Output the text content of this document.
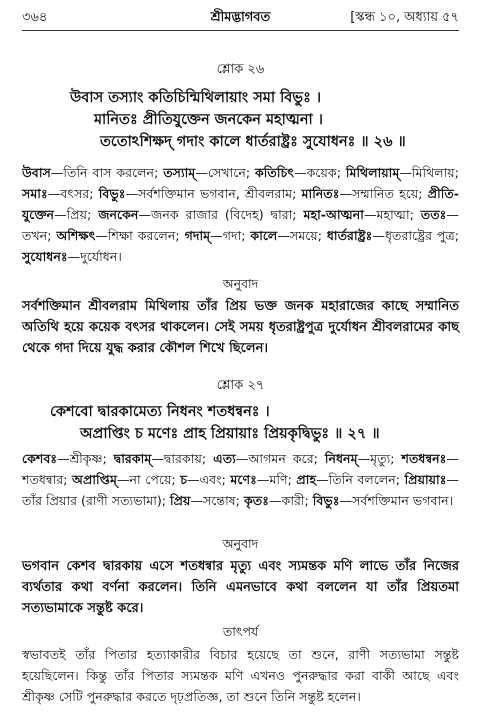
৩৬৪	শ্রীমদ্ভাগবত	[স্কন্ধ ১০, অধ্যায় ৫৭
শ্লোক ২৬
উবাস তস্যাং কতিচিন্মিথিলায়াং সমা বিভুঃ ।
মানিতঃ প্রীতিযুক্তেন জনকেন মহাত্মনা ।
ততোঽশিক্ষদ্ গদাং কালে ধার্তরাষ্ট্রঃ সুযোধনঃ ॥ ২৬ ॥
উবাস—তিনি বাস করলেন; তস্যাম্—সেখানে; কতিচিৎ—কয়েক; মিথিলায়াম্—মিথিলায়; সমাঃ—বৎসর; বিভুঃ—সর্বশক্তিমান ভগবান, শ্রীবলরাম; মানিতঃ—সম্মানিত হয়ে; প্রীতি-যুক্তেন—প্রিয়; জনকেন—জনক রাজার (বিদেহ) দ্বারা; মহা-আত্মনা—মহাত্মা; ততঃ—তখন; অশিক্ষৎ—শিক্ষা করলেন; গদাম্—গদা; কালে—সময়ে; ধার্তরাষ্ট্রঃ—ধৃতরাষ্ট্রের পুত্র; সুযোধনঃ—দুর্যোধন।
অনুবাদ
সর্বশক্তিমান শ্রীবলরাম মিথিলায় তাঁর প্রিয় ভক্ত জনক মহারাজের কাছে সম্মানিত অতিথি হয়ে কয়েক বৎসর থাকলেন। সেই সময় ধৃতরাষ্ট্রপুত্র দুর্যোধন শ্রীবলরামের কাছ থেকে গদা দিয়ে যুদ্ধ করার কৌশল শিখে ছিলেন।
শ্লোক ২৭
কেশবো দ্বারকামেত্য নিধনং শতধন্বনঃ ।
অপ্রাপ্তিং চ মণেঃ প্রাহ প্রিয়ায়াঃ প্রিয়কৃদ্বিভুঃ ॥ ২৭ ॥
কেশবঃ—শ্রীকৃষ্ণ; দ্বারকাম্—দ্বারকায়; এত্য—আগমন করে; নিধনম্—মৃত্যু; শতধন্বনঃ—শতধন্বার; অপ্রাপ্তিম্—না পেয়ে; চ—এবং; মণেঃ—মণি; প্রাহ—তিনি বললেন; প্রিয়ায়াঃ—তাঁর প্রিয়ার (রাণী সত্যভামা); প্রিয়—সন্তোষ; কৃতঃ—কারী; বিভুঃ—সর্বশক্তিমান ভগবান।
অনুবাদ
ভগবান কেশব দ্বারকায় এসে শতধন্বার মৃত্যু এবং স্যমন্তক মণি লাভে তাঁর নিজের ব্যর্থতার কথা বর্ণনা করলেন। তিনি এমনভাবে কথা বললেন যা তাঁর প্রিয়তমা সত্যভামাকে সন্তুষ্ট করে।
তাৎপর্য
স্বভাবতই তাঁর পিতার হত্যাকারীর বিচার হয়েছে তা শুনে, রাণী সত্যভামা সন্তুষ্ট হয়েছিলেন। কিন্তু তাঁর পিতার স্যমন্তক মণি এখনও পুনরুদ্ধার করা বাকী আছে এবং শ্রীকৃষ্ণ সেটি পুনরুদ্ধার করতে দৃঢ়প্রতিজ্ঞ, তা শুনে তিনি সন্তুষ্ট হলেন।
